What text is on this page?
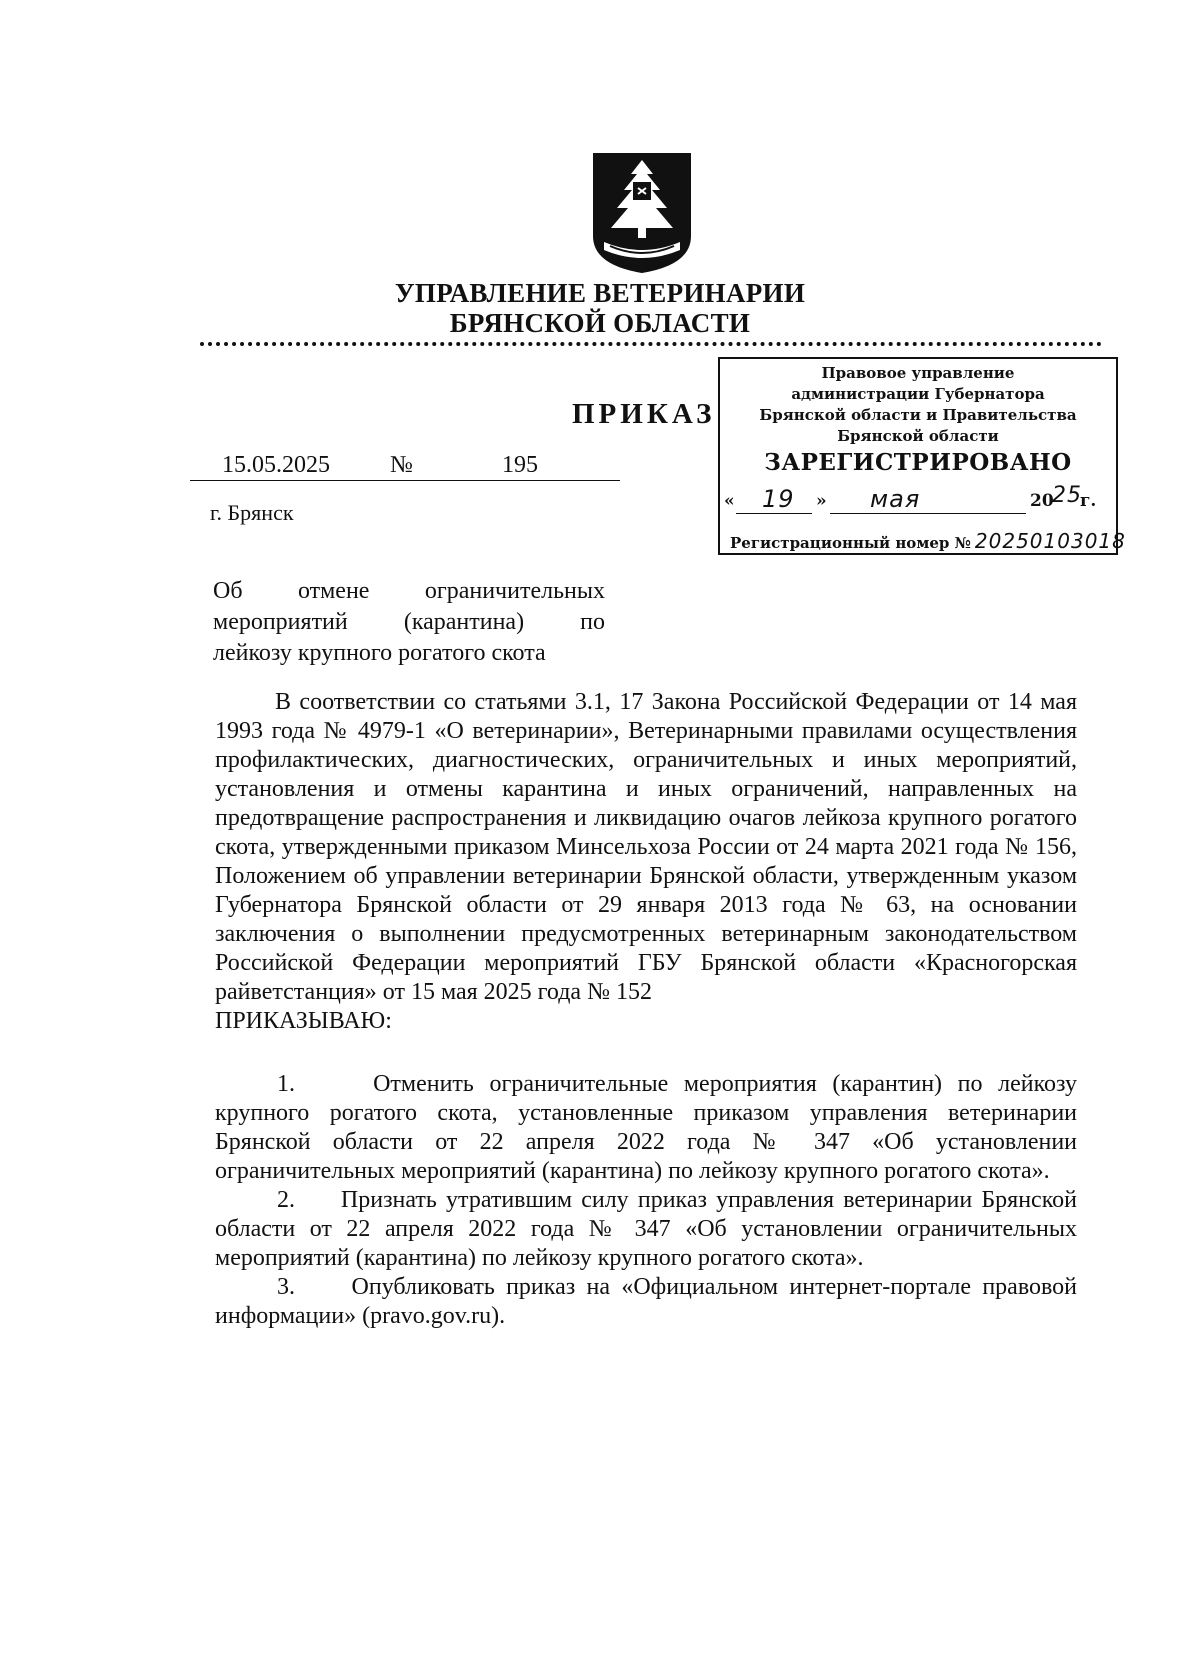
УПРАВЛЕНИЕ ВЕТЕРИНАРИИ
БРЯНСКОЙ ОБЛАСТИ
ПРИКАЗ
15.05.2025	№	195
г. Брянск
Правовое управление
администрации Губернатора
Брянской области и Правительства
Брянской области
ЗАРЕГИСТРИРОВАНО
« 19 » мая	20
25
г.
Регистрационный номер № 20250103018
Об отмене ограничительных
мероприятий (карантина) по
лейкозу крупного рогатого скота

В соответствии со статьями 3.1, 17 Закона Российской Федерации от 14 мая 1993 года № 4979-1 «О ветеринарии», Ветеринарными правилами осуществления профилактических, диагностических, ограничительных и иных мероприятий, установления и отмены карантина и иных ограничений, направленных на предотвращение распространения и ликвидацию очагов лейкоза крупного рогатого скота, утвержденными приказом Минсельхоза России от 24 марта 2021 года № 156, Положением об управлении ветеринарии Брянской области, утвержденным указом Губернатора Брянской области от 29 января 2013 года № 63, на основании заключения о выполнении предусмотренных ветеринарным законодательством Российской Федерации мероприятий ГБУ Брянской области «Красногорская райветстанция» от 15 мая 2025 года № 152

ПРИКАЗЫВАЮ:

1.     Отменить ограничительные мероприятия (карантин) по лейкозу крупного рогатого скота, установленные приказом управления ветеринарии Брянской области от 22 апреля 2022 года № 347 «Об установлении ограничительных мероприятий (карантина) по лейкозу крупного рогатого скота».

2.     Признать утратившим силу приказ управления ветеринарии Брянской области от 22 апреля 2022 года № 347 «Об установлении ограничительных мероприятий (карантина) по лейкозу крупного рогатого скота».

3.     Опубликовать приказ на «Официальном интернет-портале правовой информации» (pravo.gov.ru).
